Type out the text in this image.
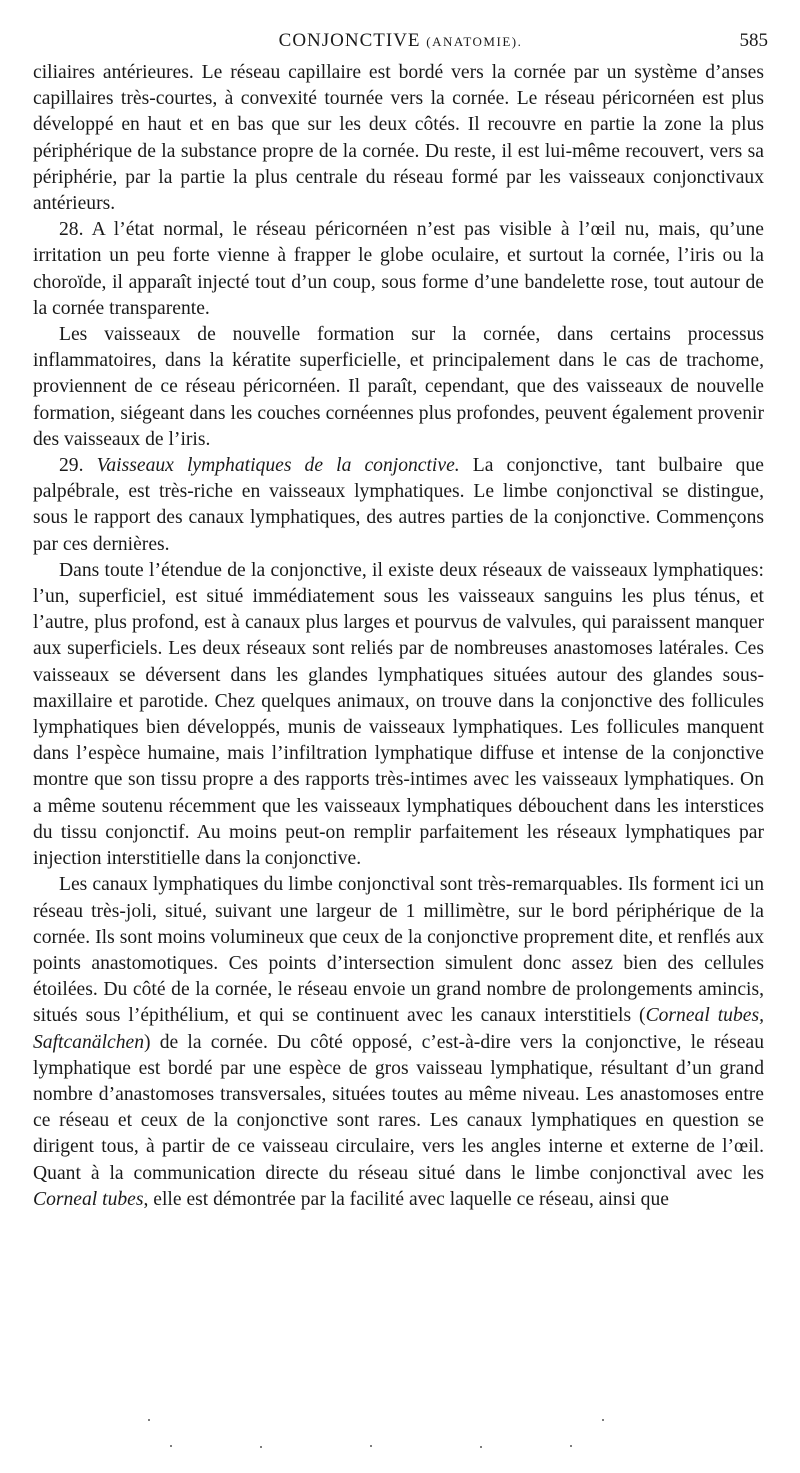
CONJONCTIVE (ANATOMIE).	585

ciliaires antérieures. Le réseau capillaire est bordé vers la cornée par un système d’anses capillaires très-courtes, à convexité tournée vers la cornée. Le réseau péricornéen est plus développé en haut et en bas que sur les deux côtés. Il recouvre en partie la zone la plus périphérique de la substance propre de la cornée. Du reste, il est lui-même recouvert, vers sa périphérie, par la partie la plus centrale du réseau formé par les vaisseaux conjonctivaux antérieurs.

28. A l’état normal, le réseau péricornéen n’est pas visible à l’œil nu, mais, qu’une irritation un peu forte vienne à frapper le globe oculaire, et surtout la cornée, l’iris ou la choroïde, il apparaît injecté tout d’un coup, sous forme d’une bandelette rose, tout autour de la cornée transparente.

Les vaisseaux de nouvelle formation sur la cornée, dans certains processus inflammatoires, dans la kératite superficielle, et principalement dans le cas de trachome, proviennent de ce réseau péricornéen. Il paraît, cependant, que des vaisseaux de nouvelle formation, siégeant dans les couches cornéennes plus profondes, peuvent également provenir des vaisseaux de l’iris.

29. Vaisseaux lymphatiques de la conjonctive. La conjonctive, tant bulbaire que palpébrale, est très-riche en vaisseaux lymphatiques. Le limbe conjonctival se distingue, sous le rapport des canaux lymphatiques, des autres parties de la conjonctive. Commençons par ces dernières.

Dans toute l’étendue de la conjonctive, il existe deux réseaux de vaisseaux lymphatiques: l’un, superficiel, est situé immédiatement sous les vaisseaux sanguins les plus ténus, et l’autre, plus profond, est à canaux plus larges et pourvus de valvules, qui paraissent manquer aux superficiels. Les deux réseaux sont reliés par de nombreuses anastomoses latérales. Ces vaisseaux se déversent dans les glandes lymphatiques situées autour des glandes sous-maxillaire et parotide. Chez quelques animaux, on trouve dans la conjonctive des follicules lymphatiques bien développés, munis de vaisseaux lymphatiques. Les follicules manquent dans l’espèce humaine, mais l’infiltration lymphatique diffuse et intense de la conjonctive montre que son tissu propre a des rapports très-intimes avec les vaisseaux lymphatiques. On a même soutenu récemment que les vaisseaux lymphatiques débouchent dans les interstices du tissu conjonctif. Au moins peut-on remplir parfaitement les réseaux lymphatiques par injection interstitielle dans la conjonctive.

Les canaux lymphatiques du limbe conjonctival sont très-remarquables. Ils forment ici un réseau très-joli, situé, suivant une largeur de 1 millimètre, sur le bord périphérique de la cornée. Ils sont moins volumineux que ceux de la conjonctive proprement dite, et renflés aux points anastomotiques. Ces points d’intersection simulent donc assez bien des cellules étoilées. Du côté de la cornée, le réseau envoie un grand nombre de prolongements amincis, situés sous l’épithélium, et qui se continuent avec les canaux interstitiels (Corneal tubes, Saftcanälchen) de la cornée. Du côté opposé, c’est-à-dire vers la conjonctive, le réseau lymphatique est bordé par une espèce de gros vaisseau lymphatique, résultant d’un grand nombre d’anastomoses transversales, situées toutes au même niveau. Les anastomoses entre ce réseau et ceux de la conjonctive sont rares. Les canaux lymphatiques en question se dirigent tous, à partir de ce vaisseau circulaire, vers les angles interne et externe de l’œil. Quant à la communication directe du réseau situé dans le limbe conjonctival avec les Corneal tubes, elle est démontrée par la facilité avec laquelle ce réseau, ainsi que
